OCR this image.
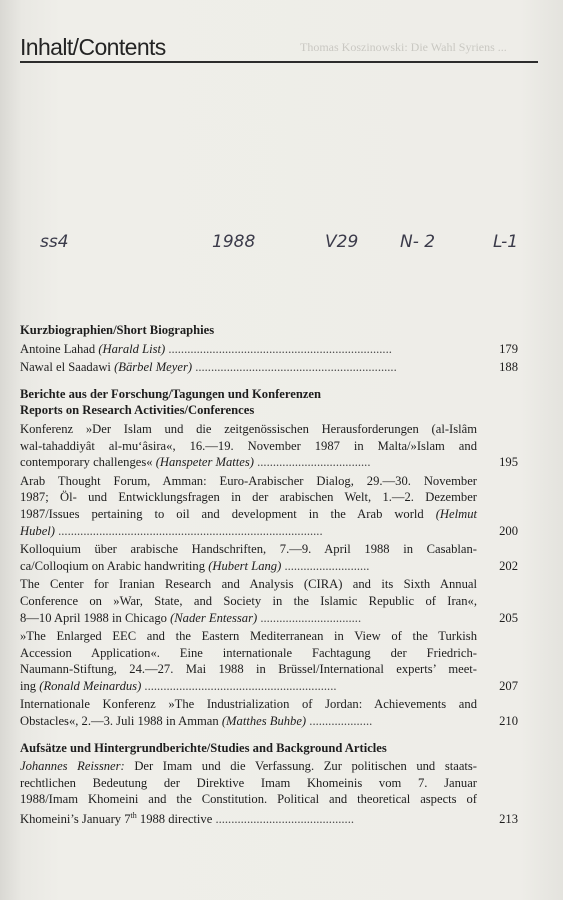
Thomas Koszinowski: Die Wahl Syriens ...
Inhalt/Contents
ss4	1988	V29 N- 2	L-1
Kurzbiographien/Short Biographies
Antoine Lahad (Harald List) .......................................................................	179
Nawal el Saadawi (Bärbel Meyer) ................................................................	188
Berichte aus der Forschung/Tagungen und Konferenzen
Reports on Research Activities/Conferences
Konferenz »Der Islam und die zeitgenössischen Herausforderungen (al-Islâm
wal-tahaddiyât al-mu‘âsira«, 16.—19. November 1987 in Malta/»Islam and
contemporary challenges« (Hanspeter Mattes) ....................................	195
Arab Thought Forum, Amman: Euro-Arabischer Dialog, 29.—30. November
1987; Öl- und Entwicklungsfragen in der arabischen Welt, 1.—2. Dezember
1987/Issues pertaining to oil and development in the Arab world (Helmut
Hubel) ....................................................................................	200
Kolloquium über arabische Handschriften, 7.—9. April 1988 in Casablan-
ca/Colloqium on Arabic handwriting (Hubert Lang) ...........................	202
The Center for Iranian Research and Analysis (CIRA) and its Sixth Annual
Conference on »War, State, and Society in the Islamic Republic of Iran«,
8—10 April 1988 in Chicago (Nader Entessar) ................................	205
»The Enlarged EEC and the Eastern Mediterranean in View of the Turkish
Accession Application«. Eine internationale Fachtagung der Friedrich-
Naumann-Stiftung, 24.—27. Mai 1988 in Brüssel/International experts’ meet-
ing (Ronald Meinardus) .............................................................	207
Internationale Konferenz »The Industrialization of Jordan: Achievements and
Obstacles«, 2.—3. Juli 1988 in Amman (Matthes Buhbe) ....................	210
Aufsätze und Hintergrundberichte/Studies and Background Articles
Johannes Reissner: Der Imam und die Verfassung. Zur politischen und staats-
rechtlichen Bedeutung der Direktive Imam Khomeinis vom 7. Januar
1988/Imam Khomeini and the Constitution. Political and theoretical aspects of
Khomeini’s January 7th 1988 directive ............................................	213
